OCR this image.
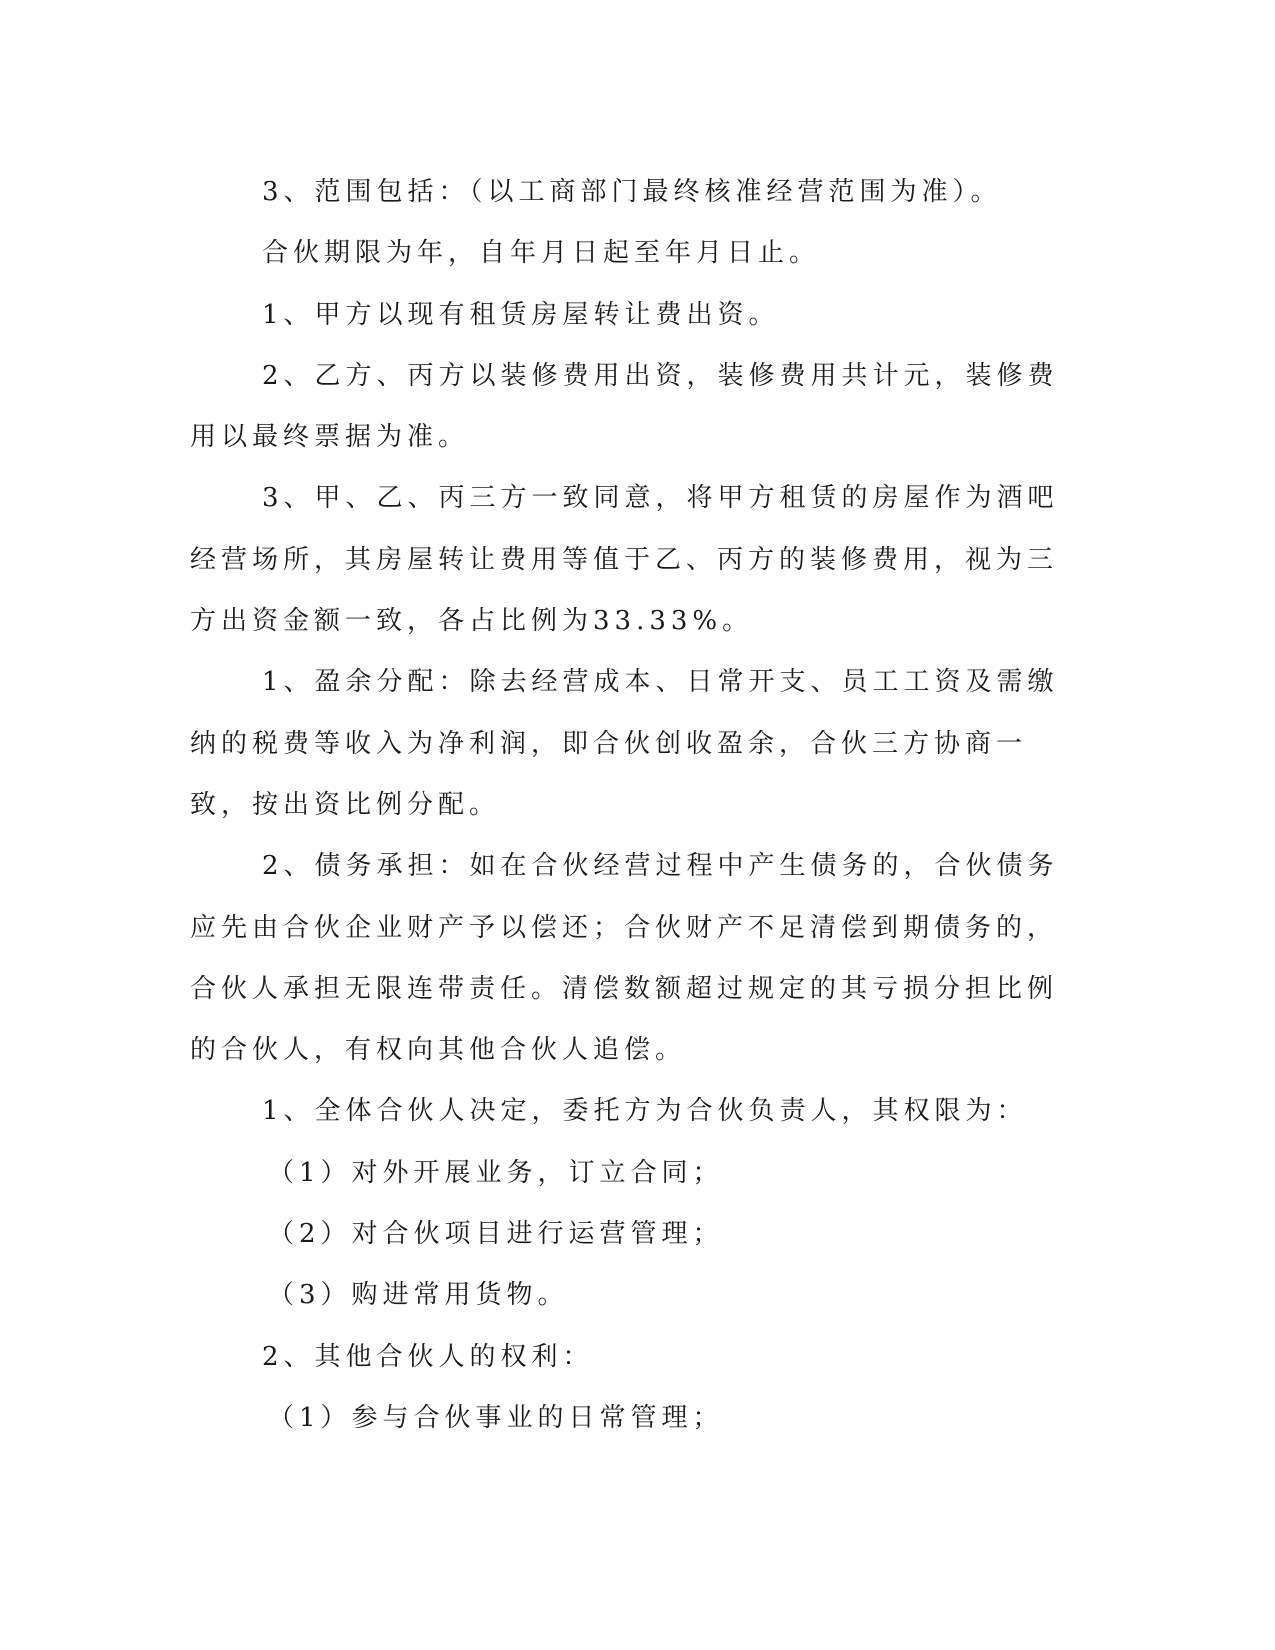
3、范围包括：（以工商部门最终核准经营范围为准）。

合伙期限为年，自年月日起至年月日止。

1、甲方以现有租赁房屋转让费出资。

2、乙方、丙方以装修费用出资，装修费用共计元，装修费用以最终票据为准。

3、甲、乙、丙三方一致同意，将甲方租赁的房屋作为酒吧经营场所，其房屋转让费用等值于乙、丙方的装修费用，视为三方出资金额一致，各占比例为33.33%。

1、盈余分配：除去经营成本、日常开支、员工工资及需缴纳的税费等收入为净利润，即合伙创收盈余，合伙三方协商一致，按出资比例分配。

2、债务承担：如在合伙经营过程中产生债务的，合伙债务应先由合伙企业财产予以偿还；合伙财产不足清偿到期债务的，合伙人承担无限连带责任。清偿数额超过规定的其亏损分担比例的合伙人，有权向其他合伙人追偿。

1、全体合伙人决定，委托方为合伙负责人，其权限为：

（1）对外开展业务，订立合同；

（2）对合伙项目进行运营管理；

（3）购进常用货物。

2、其他合伙人的权利：

（1）参与合伙事业的日常管理；
